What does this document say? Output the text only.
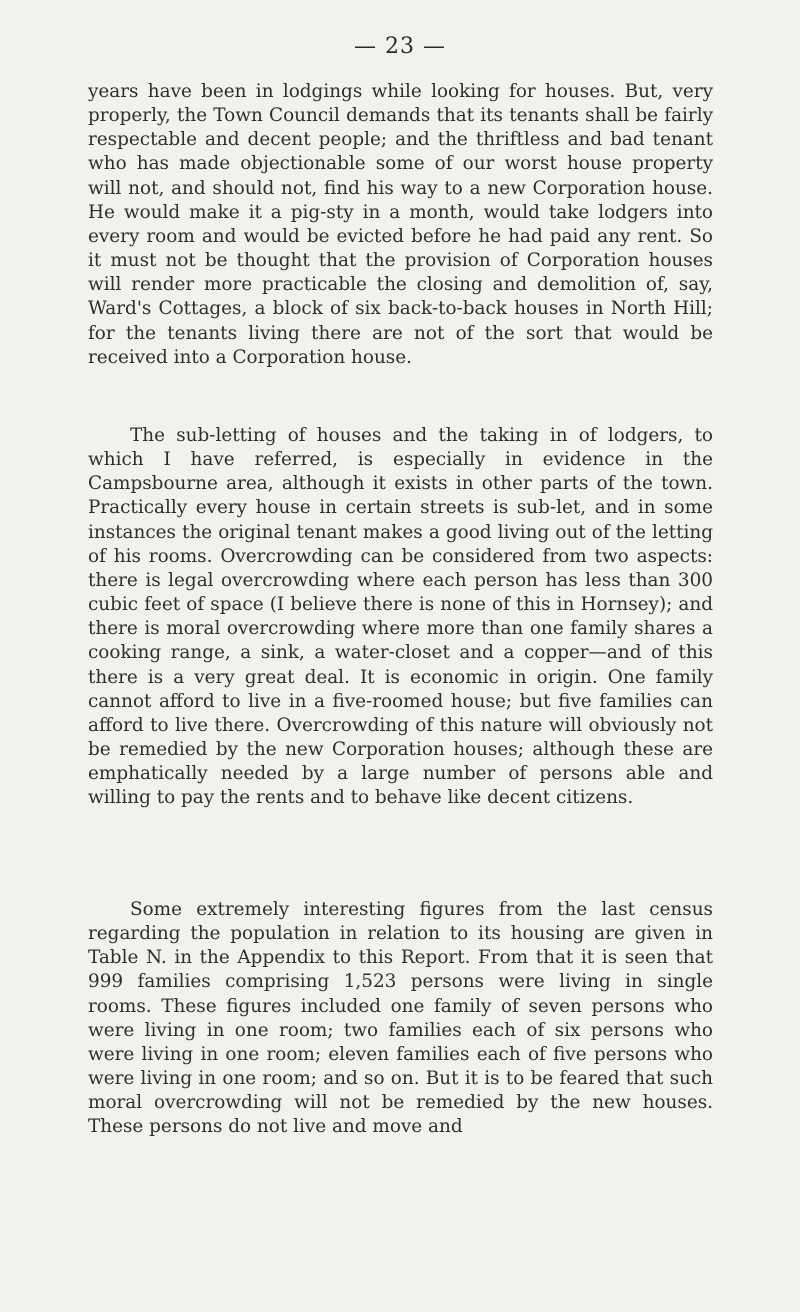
— 23 —

years have been in lodgings while looking for houses. But, very properly, the Town Council demands that its tenants shall be fairly respectable and decent people; and the thriftless and bad tenant who has made objectionable some of our worst house property will not, and should not, find his way to a new Corporation house. He would make it a pig-sty in a month, would take lodgers into every room and would be evicted before he had paid any rent. So it must not be thought that the provision of Corporation houses will render more practicable the closing and demolition of, say, Ward's Cottages, a block of six back-to-back houses in North Hill; for the tenants living there are not of the sort that would be received into a Corporation house.

The sub-letting of houses and the taking in of lodgers, to which I have referred, is especially in evidence in the Campsbourne area, although it exists in other parts of the town. Practically every house in certain streets is sub-let, and in some instances the original tenant makes a good living out of the letting of his rooms. Overcrowding can be considered from two aspects: there is legal overcrowding where each person has less than 300 cubic feet of space (I believe there is none of this in Hornsey); and there is moral overcrowding where more than one family shares a cooking range, a sink, a water-closet and a copper—and of this there is a very great deal. It is economic in origin. One family cannot afford to live in a five-roomed house; but five families can afford to live there. Overcrowding of this nature will obviously not be remedied by the new Corporation houses; although these are emphatically needed by a large number of persons able and willing to pay the rents and to behave like decent citizens.

Some extremely interesting figures from the last census regarding the population in relation to its housing are given in Table N. in the Appendix to this Report. From that it is seen that 999 families comprising 1,523 persons were living in single rooms. These figures included one family of seven persons who were living in one room; two families each of six persons who were living in one room; eleven families each of five persons who were living in one room; and so on. But it is to be feared that such moral overcrowding will not be remedied by the new houses. These persons do not live and move and
